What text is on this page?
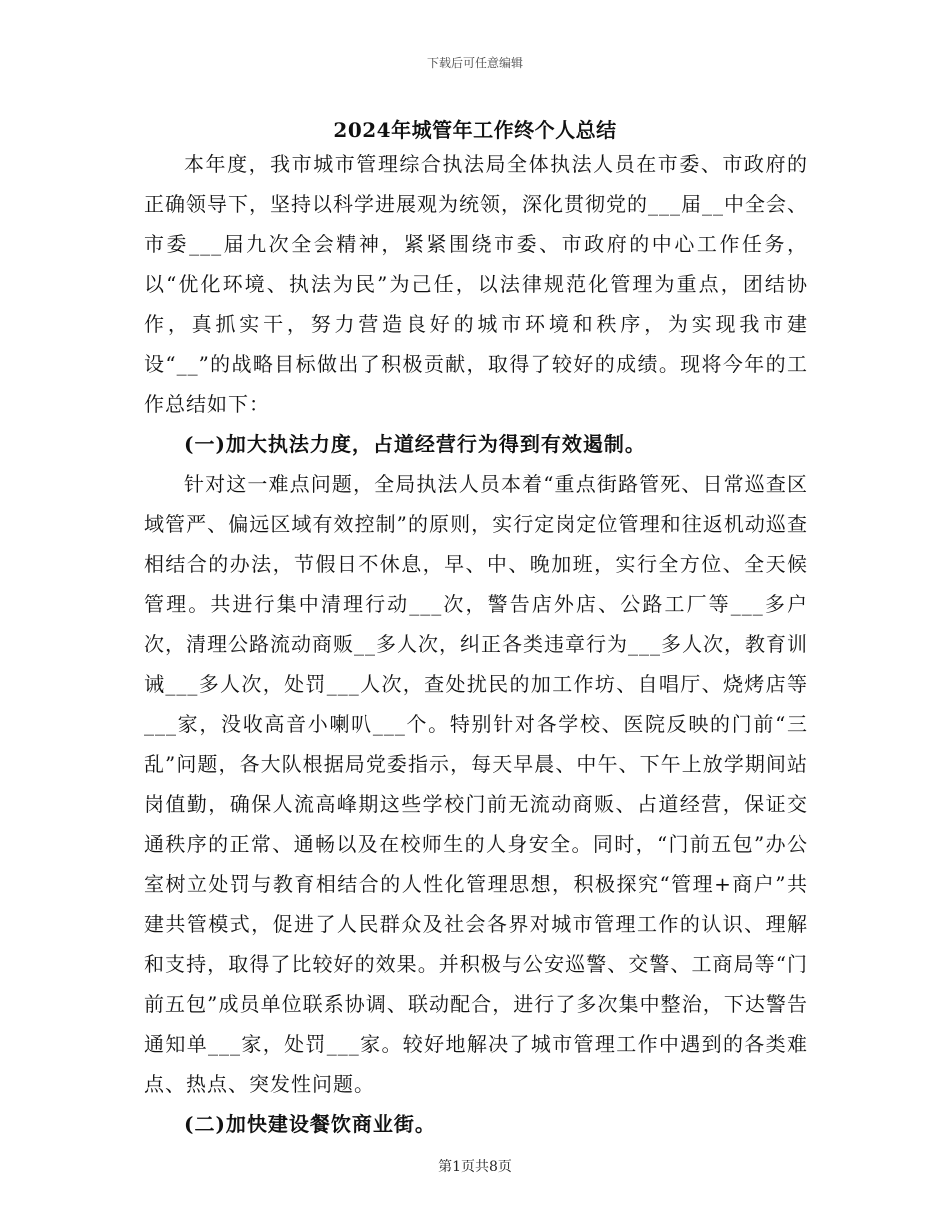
下载后可任意编辑
2024年城管年工作终个人总结

本年度，我市城市管理综合执法局全体执法人员在市委、市政府的正确领导下，坚持以科学进展观为统领，深化贯彻党的___届__中全会、市委___届九次全会精神，紧紧围绕市委、市政府的中心工作任务，以“优化环境、执法为民”为己任，以法律规范化管理为重点，团结协作，真抓实干，努力营造良好的城市环境和秩序，为实现我市建设“__”的战略目标做出了积极贡献，取得了较好的成绩。现将今年的工作总结如下：

(一)加大执法力度，占道经营行为得到有效遏制。

针对这一难点问题，全局执法人员本着“重点街路管死、日常巡查区域管严、偏远区域有效控制”的原则，实行定岗定位管理和往返机动巡查相结合的办法，节假日不休息，早、中、晚加班，实行全方位、全天候管理。共进行集中清理行动___次，警告店外店、公路工厂等___多户次，清理公路流动商贩__多人次，纠正各类违章行为___多人次，教育训诫___多人次，处罚___人次，查处扰民的加工作坊、自唱厅、烧烤店等___家，没收高音小喇叭___个。特别针对各学校、医院反映的门前“三乱”问题，各大队根据局党委指示，每天早晨、中午、下午上放学期间站岗值勤，确保人流高峰期这些学校门前无流动商贩、占道经营，保证交通秩序的正常、通畅以及在校师生的人身安全。同时，“门前五包”办公室树立处罚与教育相结合的人性化管理思想，积极探究“管理+商户”共建共管模式，促进了人民群众及社会各界对城市管理工作的认识、理解和支持，取得了比较好的效果。并积极与公安巡警、交警、工商局等“门前五包”成员单位联系协调、联动配合，进行了多次集中整治，下达警告通知单___家，处罚___家。较好地解决了城市管理工作中遇到的各类难点、热点、突发性问题。

(二)加快建设餐饮商业街。

第1页共8页
